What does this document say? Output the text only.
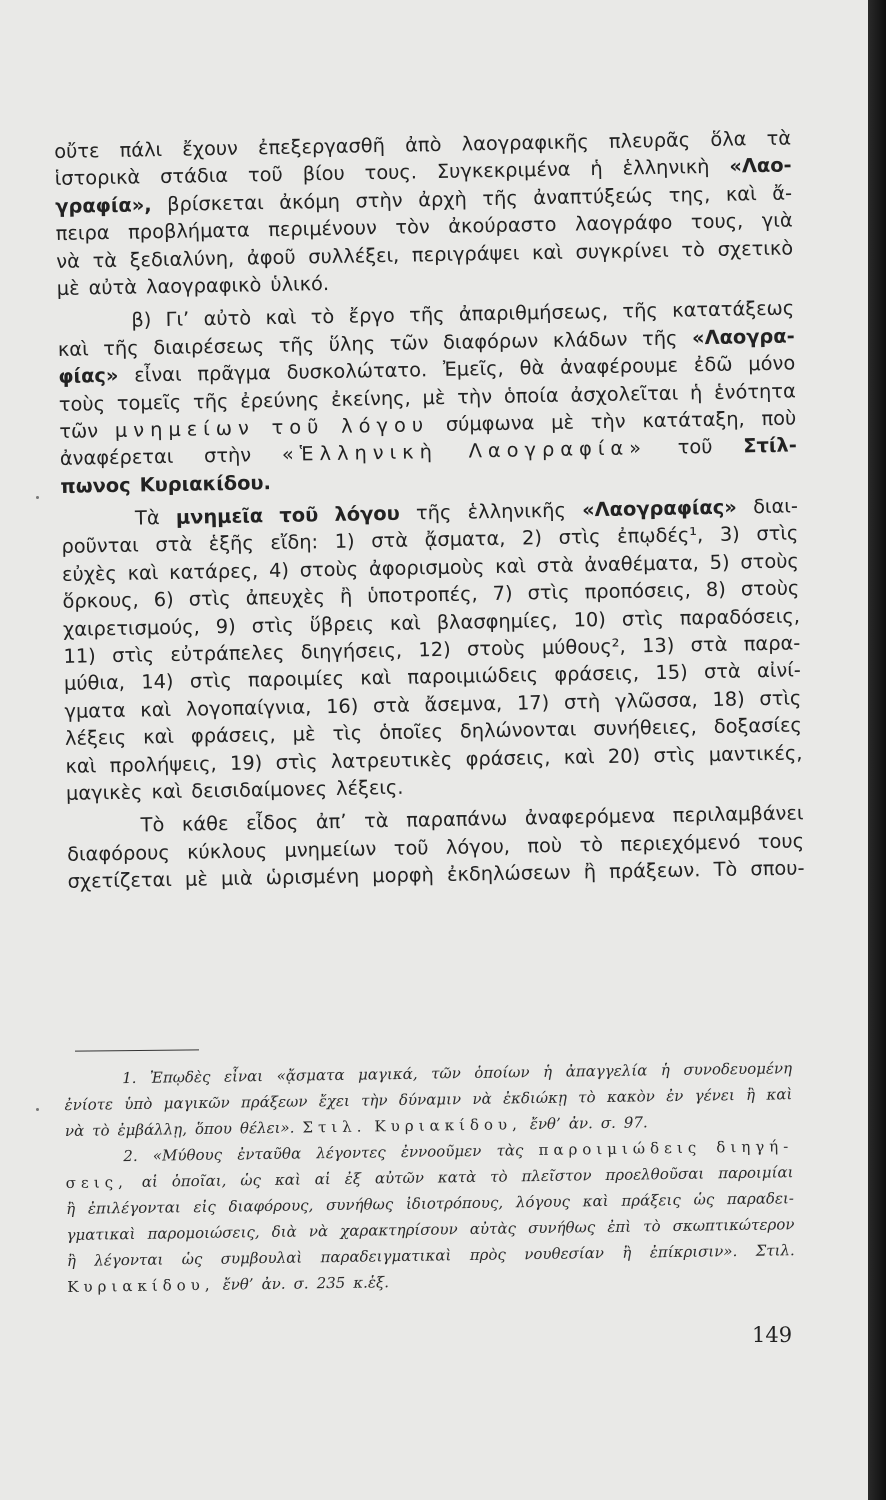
οὔτε πάλι ἔχουν ἐπεξεργασθῆ ἀπὸ λαογραφικῆς πλευρᾶς ὅλα τὰ
ἱστορικὰ στάδια τοῦ βίου τους. Συγκεκριμένα ἡ ἑλληνικὴ «Λαο-
γραφία», βρίσκεται ἀκόμη στὴν ἀρχὴ τῆς ἀναπτύξεώς της, καὶ ἄ-
πειρα προβλήματα περιμένουν τὸν ἀκούραστο λαογράφο τους, γιὰ
νὰ τὰ ξεδιαλύνη, ἀφοῦ συλλέξει, περιγράψει καὶ συγκρίνει τὸ σχετικὸ
μὲ αὐτὰ λαογραφικὸ ὑλικό.
β) Γι’ αὐτὸ καὶ τὸ ἔργο τῆς ἀπαριθμήσεως, τῆς κατατάξεως
καὶ τῆς διαιρέσεως τῆς ὕλης τῶν διαφόρων κλάδων τῆς «Λαογρα-
φίας» εἶναι πρᾶγμα δυσκολώτατο. Ἐμεῖς, θὰ ἀναφέρουμε ἐδῶ μόνο
τοὺς τομεῖς τῆς ἐρεύνης ἐκείνης, μὲ τὴν ὁποία ἀσχολεῖται ἡ ἑνότητα
τῶν μνημείων τοῦ λόγου σύμφωνα μὲ τὴν κατάταξη, ποὺ
ἀναφέρεται στὴν «Ἑλληνικὴ Λαογραφία» τοῦ Στίλ-
πωνος Κυριακίδου.
Τὰ μνημεῖα τοῦ λόγου τῆς ἑλληνικῆς «Λαογραφίας» διαι-
ροῦνται στὰ ἑξῆς εἴδη: 1) στὰ ᾄσματα, 2) στὶς ἐπῳδές¹, 3) στὶς
εὐχὲς καὶ κατάρες, 4) στοὺς ἀφορισμοὺς καὶ στὰ ἀναθέματα, 5) στοὺς
ὅρκους, 6) στὶς ἀπευχὲς ἢ ὑποτροπές, 7) στὶς προπόσεις, 8) στοὺς
χαιρετισμούς, 9) στὶς ὕβρεις καὶ βλασφημίες, 10) στὶς παραδόσεις,
11) στὶς εὐτράπελες διηγήσεις, 12) στοὺς μύθους², 13) στὰ παρα-
μύθια, 14) στὶς παροιμίες καὶ παροιμιώδεις φράσεις, 15) στὰ αἰνί-
γματα καὶ λογοπαίγνια, 16) στὰ ἄσεμνα, 17) στὴ γλῶσσα, 18) στὶς
λέξεις καὶ φράσεις, μὲ τὶς ὁποῖες δηλώνονται συνήθειες, δοξασίες
καὶ προλήψεις, 19) στὶς λατρευτικὲς φράσεις, καὶ 20) στὶς μαντικές,
μαγικὲς καὶ δεισιδαίμονες λέξεις.
Τὸ κάθε εἶδος ἀπ’ τὰ παραπάνω ἀναφερόμενα περιλαμβάνει
διαφόρους κύκλους μνημείων τοῦ λόγου, ποὺ τὸ περιεχόμενό τους
σχετίζεται μὲ μιὰ ὡρισμένη μορφὴ ἐκδηλώσεων ἢ πράξεων. Τὸ σπου-
1. Ἐπῳδὲς εἶναι «ᾄσματα μαγικά, τῶν ὁποίων ἡ ἀπαγγελία ἡ συνοδευομένη
ἐνίοτε ὑπὸ μαγικῶν πράξεων ἔχει τὴν δύναμιν νὰ ἐκδιώκῃ τὸ κακὸν ἐν γένει ἢ καὶ
νὰ τὸ ἐμβάλλῃ, ὅπου θέλει». Στιλ. Κυριακίδου, ἔνθ’ ἀν. σ. 97.
2. «Μύθους ἐνταῦθα λέγοντες ἐννοοῦμεν τὰς παροιμιώδεις διηγή-
σεις, αἱ ὁποῖαι, ὡς καὶ αἱ ἐξ αὐτῶν κατὰ τὸ πλεῖστον προελθοῦσαι παροιμίαι
ἢ ἐπιλέγονται εἰς διαφόρους, συνήθως ἰδιοτρόπους, λόγους καὶ πράξεις ὡς παραδει-
γματικαὶ παρομοιώσεις, διὰ νὰ χαρακτηρίσουν αὐτὰς συνήθως ἐπὶ τὸ σκωπτικώτερον
ἢ λέγονται ὡς συμβουλαὶ παραδειγματικαὶ πρὸς νουθεσίαν ἢ ἐπίκρισιν». Στιλ.
Κυριακίδου, ἔνθ’ ἀν. σ. 235 κ.ἑξ.
149
